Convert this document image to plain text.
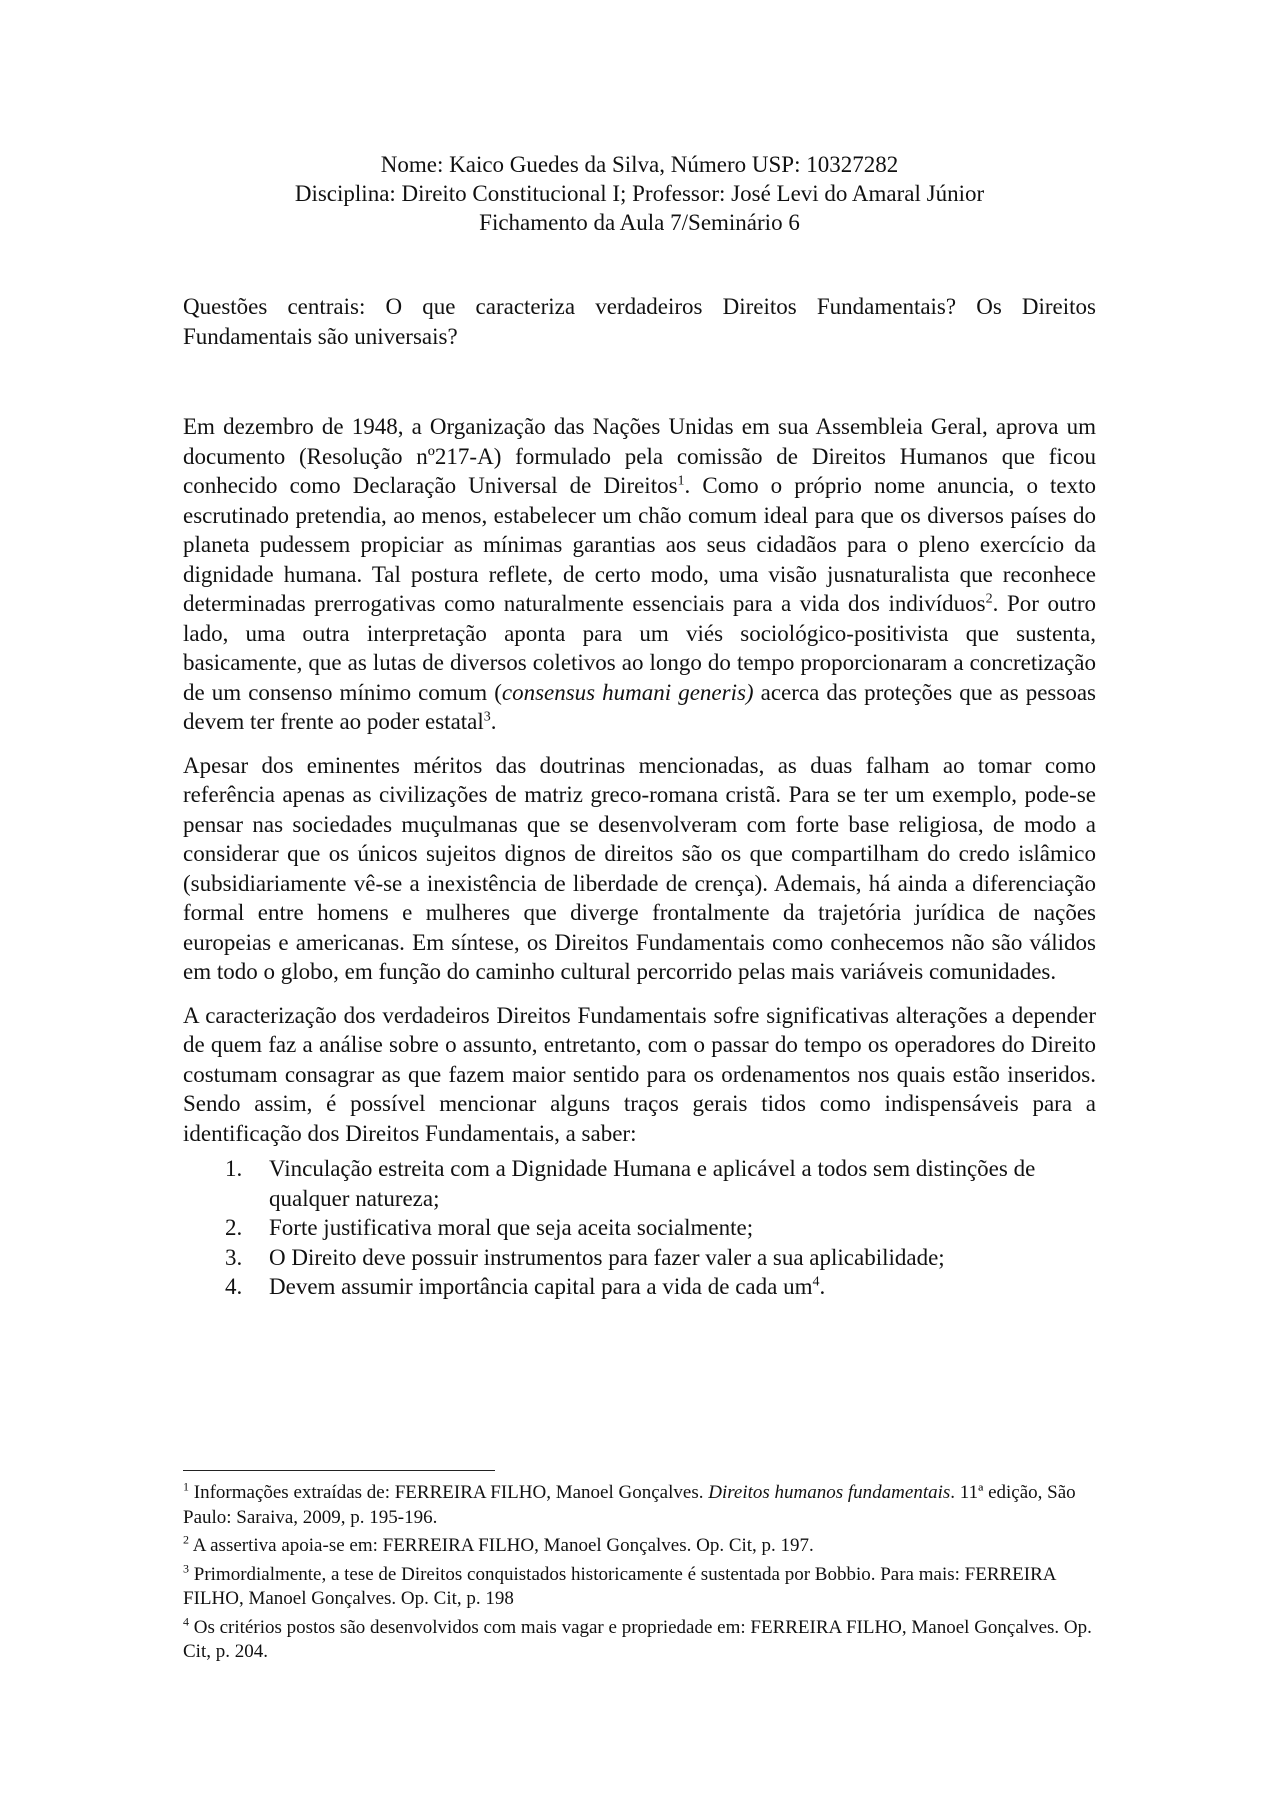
Nome: Kaico Guedes da Silva, Número USP: 10327282
Disciplina: Direito Constitucional I; Professor: José Levi do Amaral Júnior
Fichamento da Aula 7/Seminário 6

Questões centrais: O que caracteriza verdadeiros Direitos Fundamentais? Os Direitos Fundamentais são universais?

Em dezembro de 1948, a Organização das Nações Unidas em sua Assembleia Geral, aprova um documento (Resolução nº217-A) formulado pela comissão de Direitos Humanos que ficou conhecido como Declaração Universal de Direitos$^1$. Como o próprio nome anuncia, o texto escrutinado pretendia, ao menos, estabelecer um chão comum ideal para que os diversos países do planeta pudessem propiciar as mínimas garantias aos seus cidadãos para o pleno exercício da dignidade humana. Tal postura reflete, de certo modo, uma visão jusnaturalista que reconhece determinadas prerrogativas como naturalmente essenciais para a vida dos indivíduos$^2$. Por outro lado, uma outra interpretação aponta para um viés sociológico-positivista que sustenta, basicamente, que as lutas de diversos coletivos ao longo do tempo proporcionaram a concretização de um consenso mínimo comum (consensus humani generis) acerca das proteções que as pessoas devem ter frente ao poder estatal$^3$.

Apesar dos eminentes méritos das doutrinas mencionadas, as duas falham ao tomar como referência apenas as civilizações de matriz greco-romana cristã. Para se ter um exemplo, pode-se pensar nas sociedades muçulmanas que se desenvolveram com forte base religiosa, de modo a considerar que os únicos sujeitos dignos de direitos são os que compartilham do credo islâmico (subsidiariamente vê-se a inexistência de liberdade de crença). Ademais, há ainda a diferenciação formal entre homens e mulheres que diverge frontalmente da trajetória jurídica de nações europeias e americanas. Em síntese, os Direitos Fundamentais como conhecemos não são válidos em todo o globo, em função do caminho cultural percorrido pelas mais variáveis comunidades.

A caracterização dos verdadeiros Direitos Fundamentais sofre significativas alterações a depender de quem faz a análise sobre o assunto, entretanto, com o passar do tempo os operadores do Direito costumam consagrar as que fazem maior sentido para os ordenamentos nos quais estão inseridos. Sendo assim, é possível mencionar alguns traços gerais tidos como indispensáveis para a identificação dos Direitos Fundamentais, a saber:

1. Vinculação estreita com a Dignidade Humana e aplicável a todos sem distinções de qualquer natureza;
2. Forte justificativa moral que seja aceita socialmente;
3. O Direito deve possuir instrumentos para fazer valer a sua aplicabilidade;
4. Devem assumir importância capital para a vida de cada $um^4$.

$^1$ Informações extraídas de: FERREIRA FILHO, Manoel Gonçalves. Direitos humanos fundamentais. 11ª edição, São Paulo: Saraiva, 2009, p. 195-196.

$^2$ A assertiva apoia-se em: FERREIRA FILHO, Manoel Gonçalves. Op. Cit, p. 197.

$^3$ Primordialmente, a tese de Direitos conquistados historicamente é sustentada por Bobbio. Para mais: FERREIRA FILHO, Manoel Gonçalves. Op. Cit, p. 198

$^4$ Os critérios postos são desenvolvidos com mais vagar e propriedade em: FERREIRA FILHO, Manoel Gonçalves. Op. Cit, p. 204.
